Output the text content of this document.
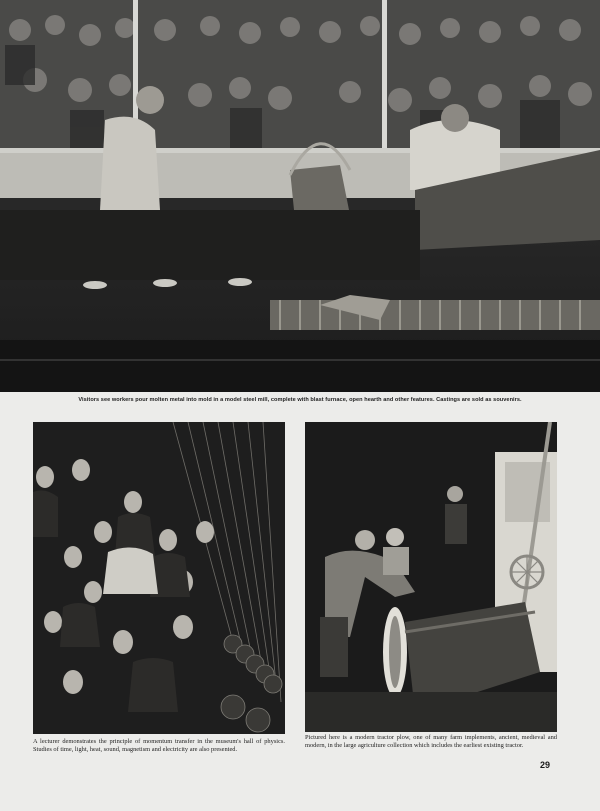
Visitors see workers pour molten metal into mold in a model steel mill, complete with blast furnace, open hearth and other features. Castings are sold as souvenirs.
A lecturer demonstrates the principle of momentum transfer in the museum's hall of physics. Studies of time, light, heat, sound, magnetism and electricity are also presented.
Pictured here is a modern tractor plow, one of many farm implements, ancient, medieval and modern, in the large agriculture collection which includes the earliest existing tractor.
29
